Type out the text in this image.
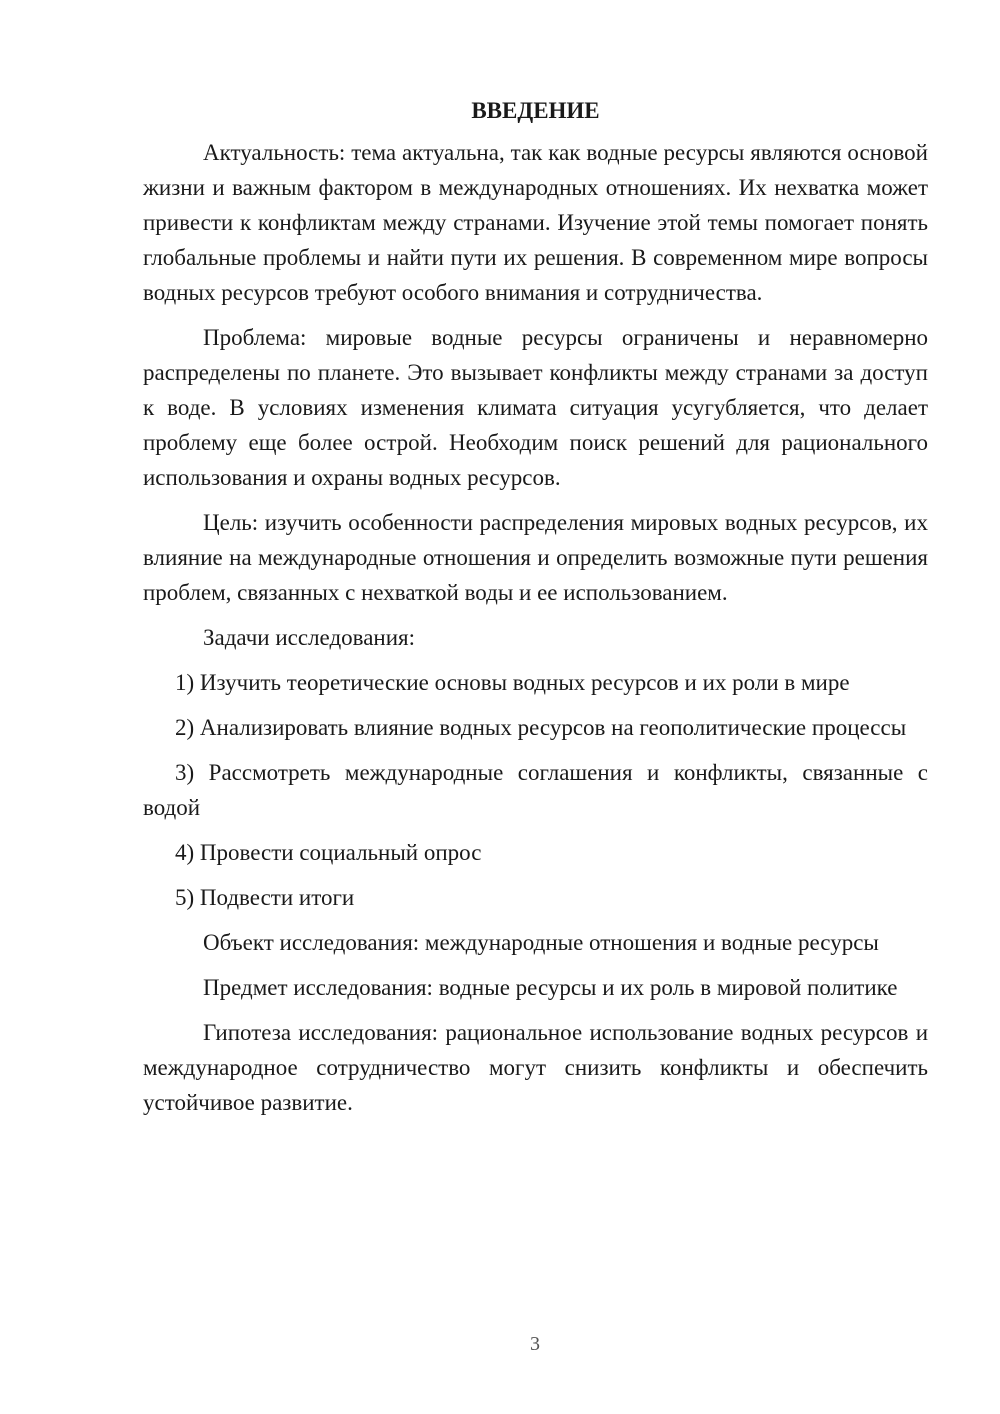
ВВЕДЕНИЕ

Актуальность: тема актуальна, так как водные ресурсы являются основой жизни и важным фактором в международных отношениях. Их нехватка может привести к конфликтам между странами. Изучение этой темы помогает понять глобальные проблемы и найти пути их решения. В современном мире вопросы водных ресурсов требуют особого внимания и сотрудничества.

Проблема: мировые водные ресурсы ограничены и неравномерно распределены по планете. Это вызывает конфликты между странами за доступ к воде. В условиях изменения климата ситуация усугубляется, что делает проблему еще более острой. Необходим поиск решений для рационального использования и охраны водных ресурсов.

Цель: изучить особенности распределения мировых водных ресурсов, их влияние на международные отношения и определить возможные пути решения проблем, связанных с нехваткой воды и ее использованием.

Задачи исследования:

1) Изучить теоретические основы водных ресурсов и их роли в мире

2) Анализировать влияние водных ресурсов на геополитические процессы

3) Рассмотреть международные соглашения и конфликты, связанные с водой

4) Провести социальный опрос

5) Подвести итоги

Объект исследования: международные отношения и водные ресурсы

Предмет исследования: водные ресурсы и их роль в мировой политике

Гипотеза исследования: рациональное использование водных ресурсов и международное сотрудничество могут снизить конфликты и обеспечить устойчивое развитие.

3
